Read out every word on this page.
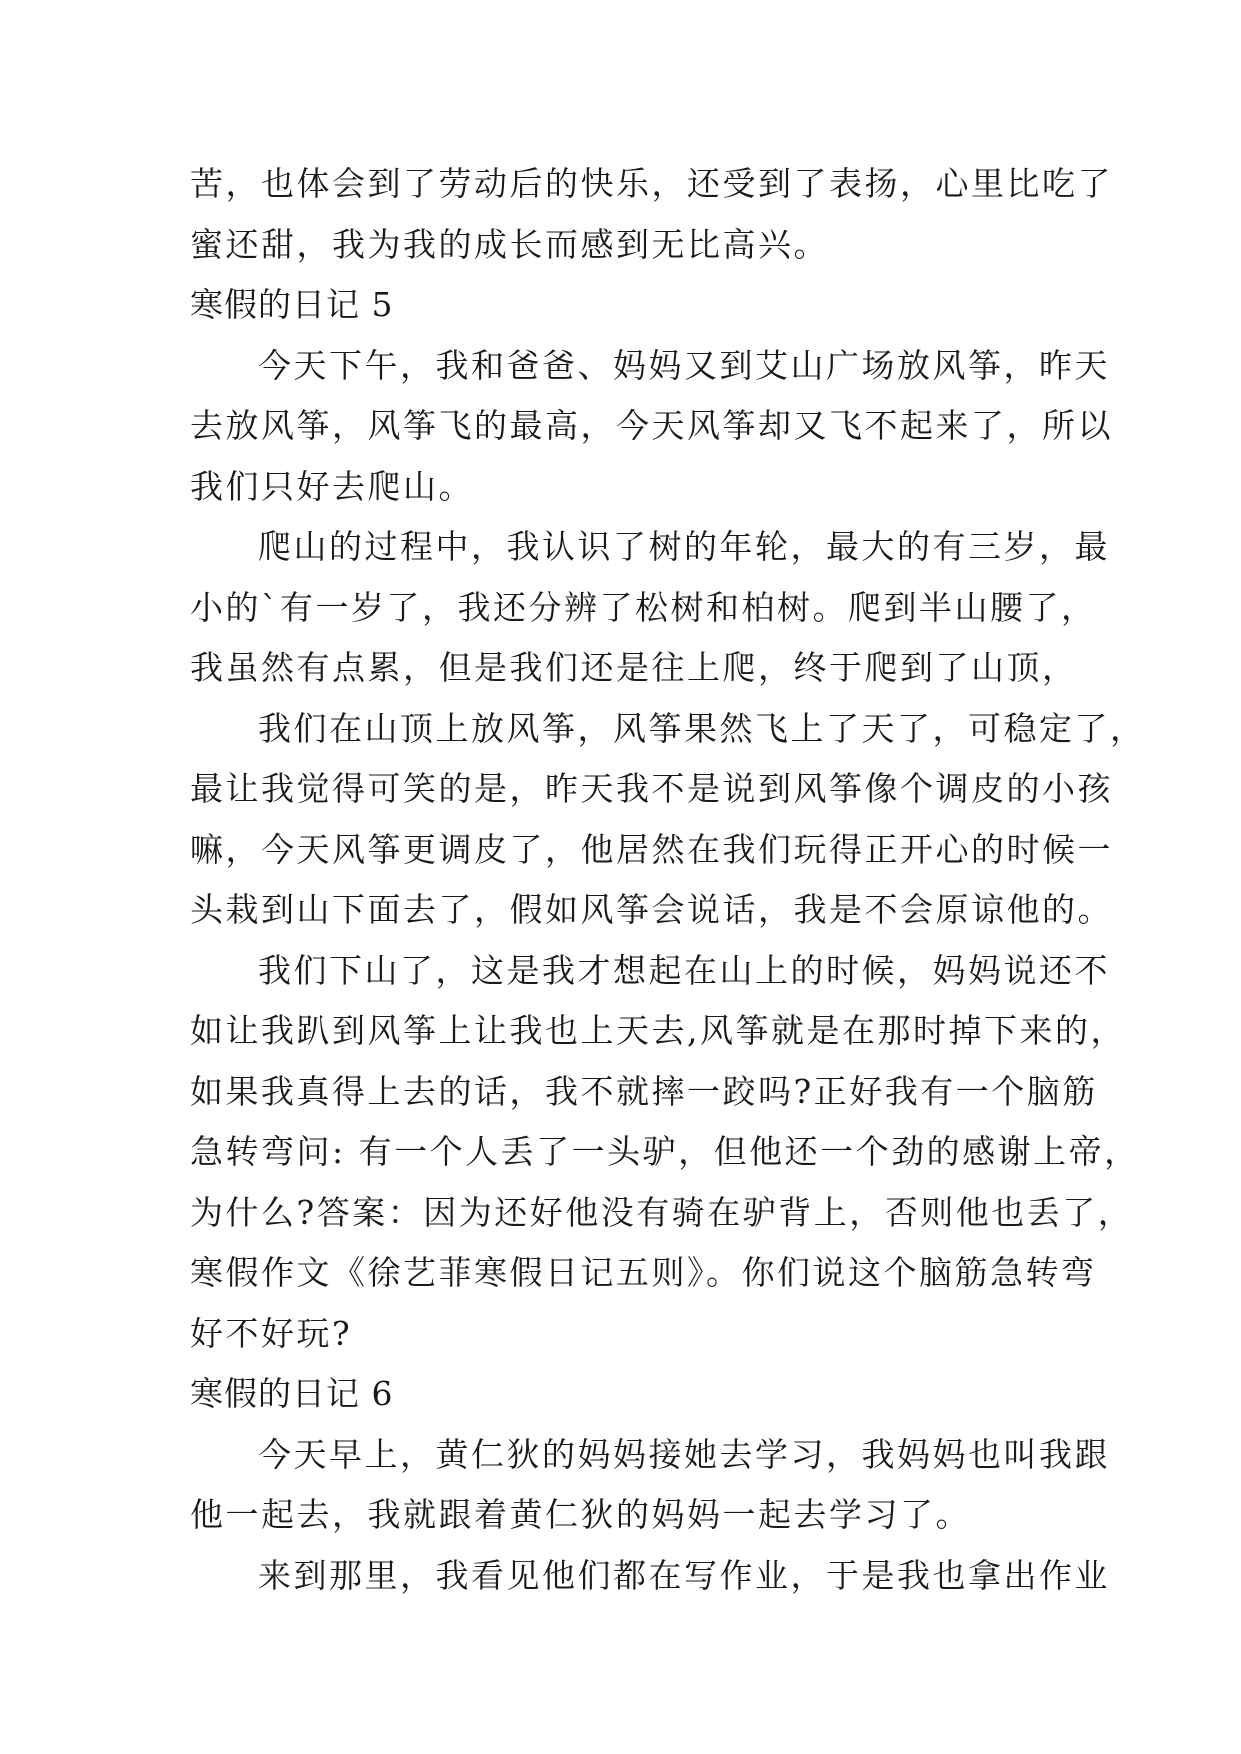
苦，也体会到了劳动后的快乐，还受到了表扬，心里比吃了
蜜还甜，我为我的成长而感到无比高兴。
寒假的日记 5
今天下午，我和爸爸、妈妈又到艾山广场放风筝，昨天
去放风筝，风筝飞的最高，今天风筝却又飞不起来了，所以
我们只好去爬山。
爬山的过程中，我认识了树的年轮，最大的有三岁，最
小的`有一岁了，我还分辨了松树和柏树。爬到半山腰了，
我虽然有点累，但是我们还是往上爬，终于爬到了山顶，
我们在山顶上放风筝，风筝果然飞上了天了，可稳定了，
最让我觉得可笑的是，昨天我不是说到风筝像个调皮的小孩
嘛，今天风筝更调皮了，他居然在我们玩得正开心的时候一
头栽到山下面去了，假如风筝会说话，我是不会原谅他的。
我们下山了，这是我才想起在山上的时候，妈妈说还不
如让我趴到风筝上让我也上天去,风筝就是在那时掉下来的，
如果我真得上去的话，我不就摔一跤吗?正好我有一个脑筋
急转弯问: 有一个人丢了一头驴，但他还一个劲的感谢上帝，
为什么?答案：因为还好他没有骑在驴背上，否则他也丢了，
寒假作文《徐艺菲寒假日记五则》。你们说这个脑筋急转弯
好不好玩?
寒假的日记 6
今天早上，黄仁狄的妈妈接她去学习，我妈妈也叫我跟
他一起去，我就跟着黄仁狄的妈妈一起去学习了。
来到那里，我看见他们都在写作业，于是我也拿出作业
